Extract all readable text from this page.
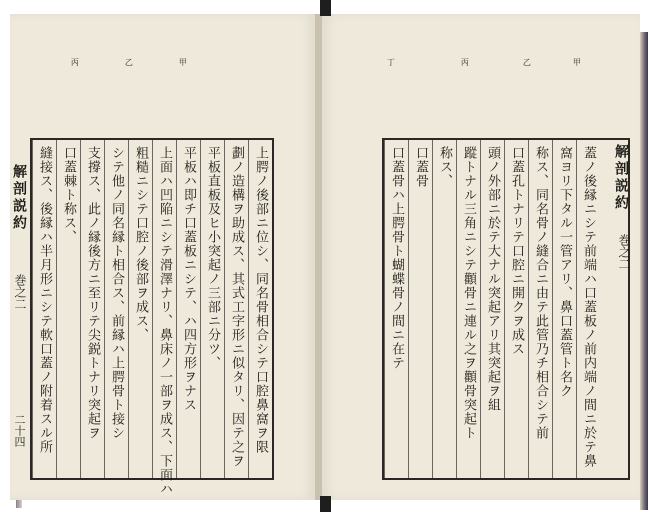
丙	乙	甲
縫接ス、後縁ハ半月形ニシテ軟口蓋ノ附着スル所 口蓋棘ト称ス、 支撐ス、此ノ縁後方ニ至リテ尖鋭トナリ突起ヲ シテ他ノ同名縁ト相合ス、前縁ハ上腭骨ト接シ 粗糙ニシテ口腔ノ後部ヲ成ス、 上面ハ凹陥ニシテ滑澤ナリ、鼻床ノ一部ヲ成ス、下面ハ 平板ハ即チ口蓋板ニシテ、ハ四方形ヲナス 平板直板及ヒ小突起ノ三部ニ分ツ、 劃ノ造構ヲ助成ス、其式工字形ニ似タリ、因テ之ヲ 上腭ノ後部ニ位シ、同名骨相合シテ口腔鼻窩ヲ限
解剖説約
巻之二
二十四
丁	丙	乙	甲
口蓋骨ハ上腭骨ト蝴蝶骨ノ間ニ在テ 口蓋骨 称ス、 蹤トナル三角ニシテ顴骨ニ連ル之ヲ顴骨突起ト 頭ノ外部ニ於テ大ナル突起アリ其突起ヲ組 口蓋孔トナリテ口腔ニ開クヲ成ス 称ス、同名骨ノ縫合ニ由テ此管乃チ相合シテ前 窩ヨリ下タル一管アリ、鼻口蓋管ト名ク 蓋ノ後縁ニシテ前端ハ口蓋板ノ前内端ノ間ニ於テ鼻 解剖説約
巻之二
